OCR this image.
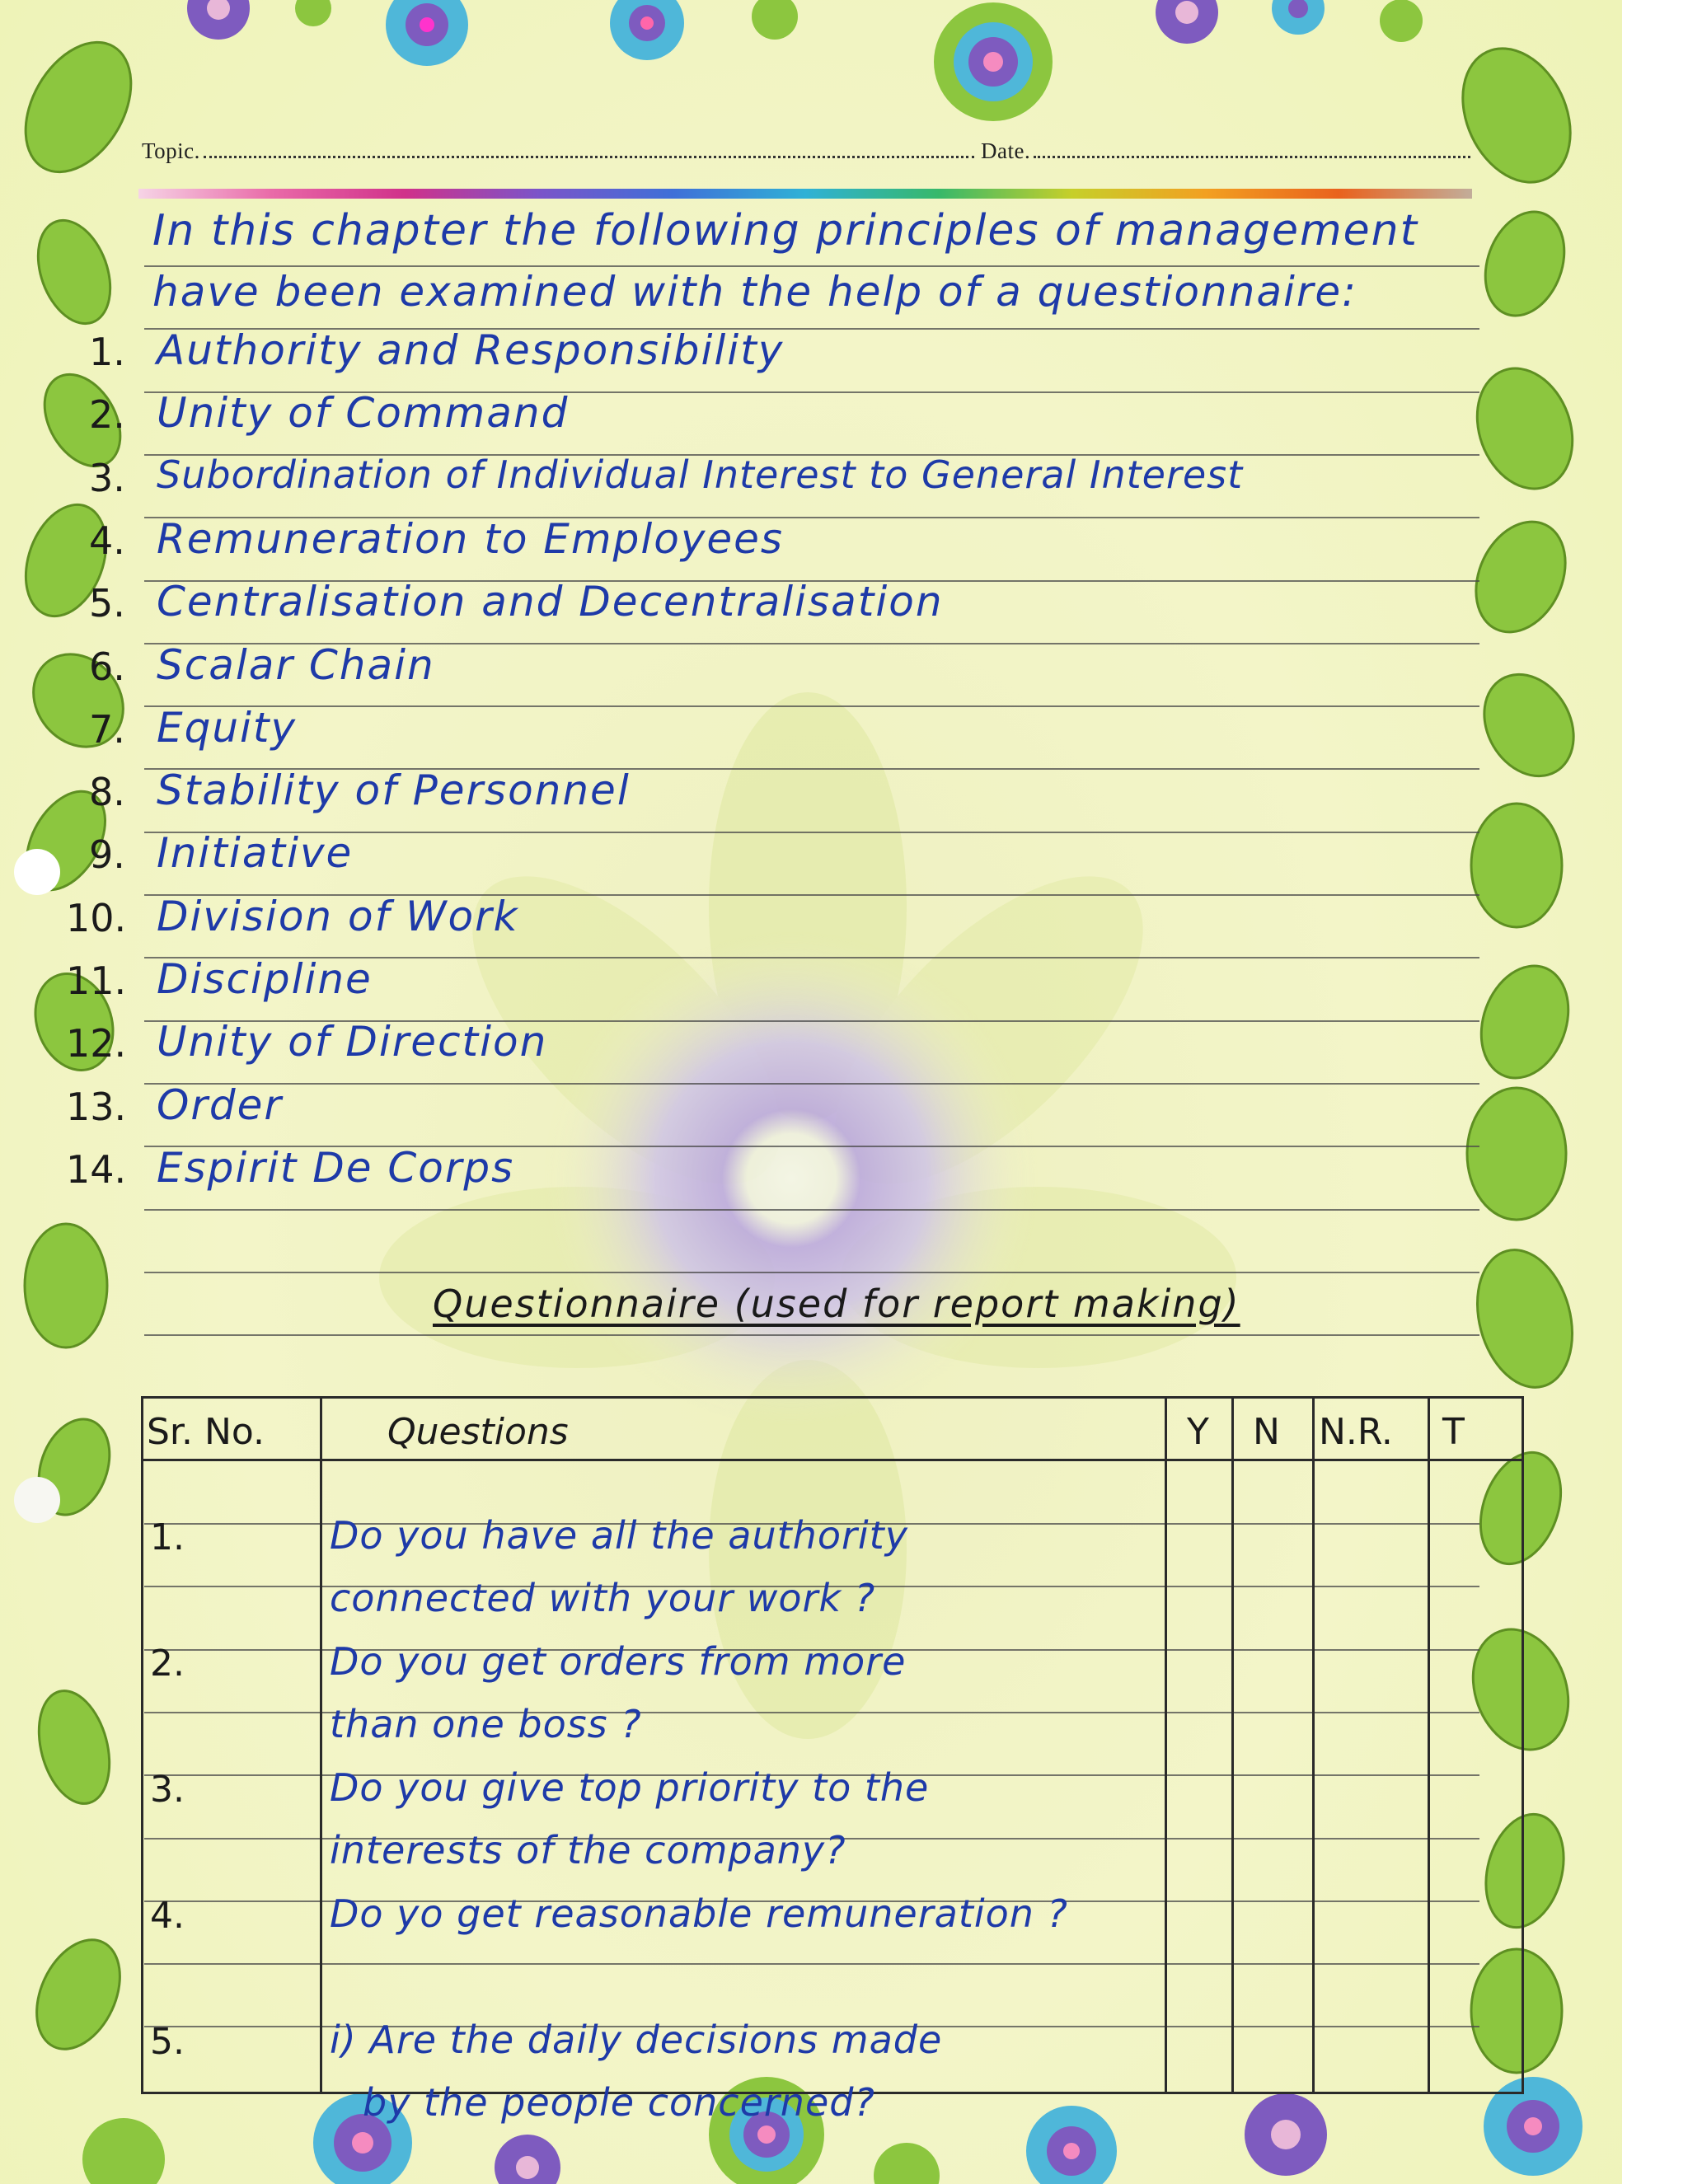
Topic.	Date.
In this chapter the following principles of management
have been examined with the help of a questionnaire:
1. Authority and Responsibility
2. Unity of Command
3. Subordination of Individual Interest to General Interest
4. Remuneration to Employees
5. Centralisation and Decentralisation
6. Scalar Chain
7. Equity
8. Stability of Personnel
9. Initiative
10. Division of Work
11. Discipline
12. Unity of Direction
13. Order
14. Espirit De Corps
Questionnaire (used for report making)
Sr. No.	Questions	Y N N.R. T
1.	Do you have all the authority
connected with your work ?
2.	Do you get orders from more
than one boss ?
3.	Do you give top priority to the
interests of the company?
4.	Do yo get reasonable remuneration ?
5.	i) Are the daily decisions made
by the people concerned?
